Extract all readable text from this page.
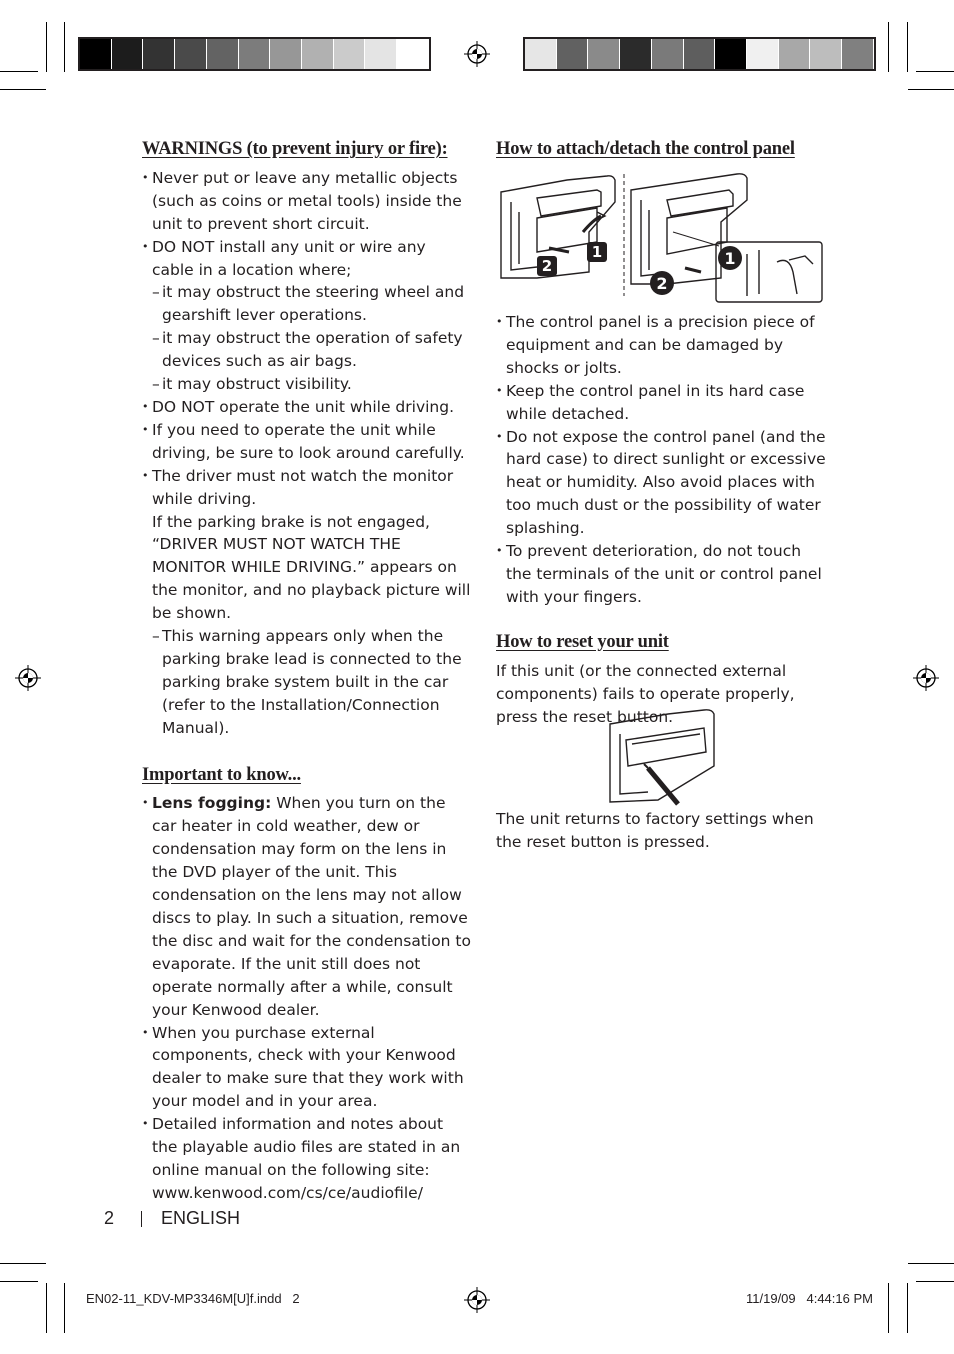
WARNINGS (to prevent injury or fire):
• Never put or leave any metallic objects (such as coins or metal tools) inside the unit to prevent short circuit.
• DO NOT install any unit or wire any cable in a location where;
– it may obstruct the steering wheel and gearshift lever operations.
– it may obstruct the operation of safety devices such as air bags.
– it may obstruct visibility.
• DO NOT operate the unit while driving.
• If you need to operate the unit while driving, be sure to look around carefully.
• The driver must not watch the monitor while driving.
If the parking brake is not engaged, “DRIVER MUST NOT WATCH THE MONITOR WHILE DRIVING.” appears on the monitor, and no playback picture will be shown.
– This warning appears only when the parking brake lead is connected to the parking brake system built in the car (refer to the Installation/Connection Manual).
Important to know...
• Lens fogging: When you turn on the car heater in cold weather, dew or condensation may form on the lens in the DVD player of the unit. This condensation on the lens may not allow discs to play. In such a situation, remove the disc and wait for the condensation to evaporate. If the unit still does not operate normally after a while, consult your Kenwood dealer.
• When you purchase external components, check with your Kenwood dealer to make sure that they work with your model and in your area.
• Detailed information and notes about the playable audio files are stated in an online manual on the following site: www.kenwood.com/cs/ce/audiofile/
How to attach/detach the control panel
2
1	1
2
• The control panel is a precision piece of equipment and can be damaged by shocks or jolts.
• Keep the control panel in its hard case while detached.
• Do not expose the control panel (and the hard case) to direct sunlight or excessive heat or humidity. Also avoid places with too much dust or the possibility of water splashing.
• To prevent deterioration, do not touch the terminals of the unit or control panel with your fingers.
How to reset your unit
If this unit (or the connected external components) fails to operate properly, press the reset button.
The unit returns to factory settings when the reset button is pressed.
2	ENGLISH
EN02-11_KDV-MP3346M[U]f.indd   2	11/19/09   4:44:16 PM
